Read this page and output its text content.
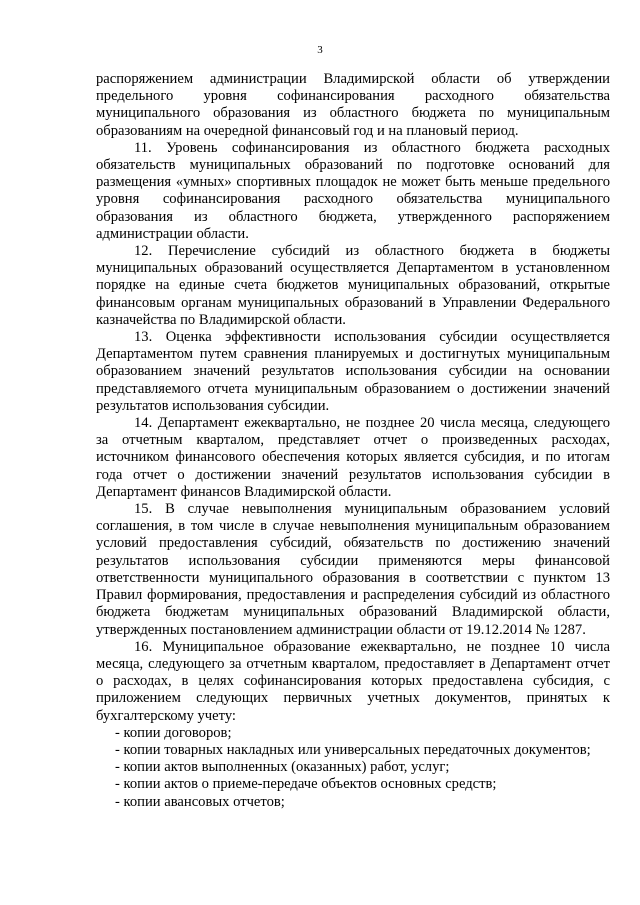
3

распоряжением администрации Владимирской области об утверждении предельного уровня софинансирования расходного обязательства муниципального образования из областного бюджета по муниципальным образованиям на очередной финансовый год и на плановый период.

11. Уровень софинансирования из областного бюджета расходных обязательств муниципальных образований по подготовке оснований для размещения «умных» спортивных площадок не может быть меньше предельного уровня софинансирования расходного обязательства муниципального образования из областного бюджета, утвержденного распоряжением администрации области.

12. Перечисление субсидий из областного бюджета в бюджеты муниципальных образований осуществляется Департаментом в установленном порядке на единые счета бюджетов муниципальных образований, открытые финансовым органам муниципальных образований в Управлении Федерального казначейства по Владимирской области.

13. Оценка эффективности использования субсидии осуществляется Департаментом путем сравнения планируемых и достигнутых муниципальным образованием значений результатов использования субсидии на основании представляемого отчета муниципальным образованием о достижении значений результатов использования субсидии.

14. Департамент ежеквартально, не позднее 20 числа месяца, следующего за отчетным кварталом, представляет отчет о произведенных расходах, источником финансового обеспечения которых является субсидия, и по итогам года отчет о достижении значений результатов использования субсидии в Департамент финансов Владимирской области.

15. В случае невыполнения муниципальным образованием условий соглашения, в том числе в случае невыполнения муниципальным образованием условий предоставления субсидий, обязательств по достижению значений результатов использования субсидии применяются меры финансовой ответственности муниципального образования в соответствии с пунктом 13 Правил формирования, предоставления и распределения субсидий из областного бюджета бюджетам муниципальных образований Владимирской области, утвержденных постановлением администрации области от 19.12.2014 № 1287.

16. Муниципальное образование ежеквартально, не позднее 10 числа месяца, следующего за отчетным кварталом, предоставляет в Департамент отчет о расходах, в целях софинансирования которых предоставлена субсидия, с приложением следующих первичных учетных документов, принятых к бухгалтерскому учету:

- копии договоров;

- копии товарных накладных или универсальных передаточных документов;

- копии актов выполненных (оказанных) работ, услуг;

- копии актов о приеме-передаче объектов основных средств;

- копии авансовых отчетов;
